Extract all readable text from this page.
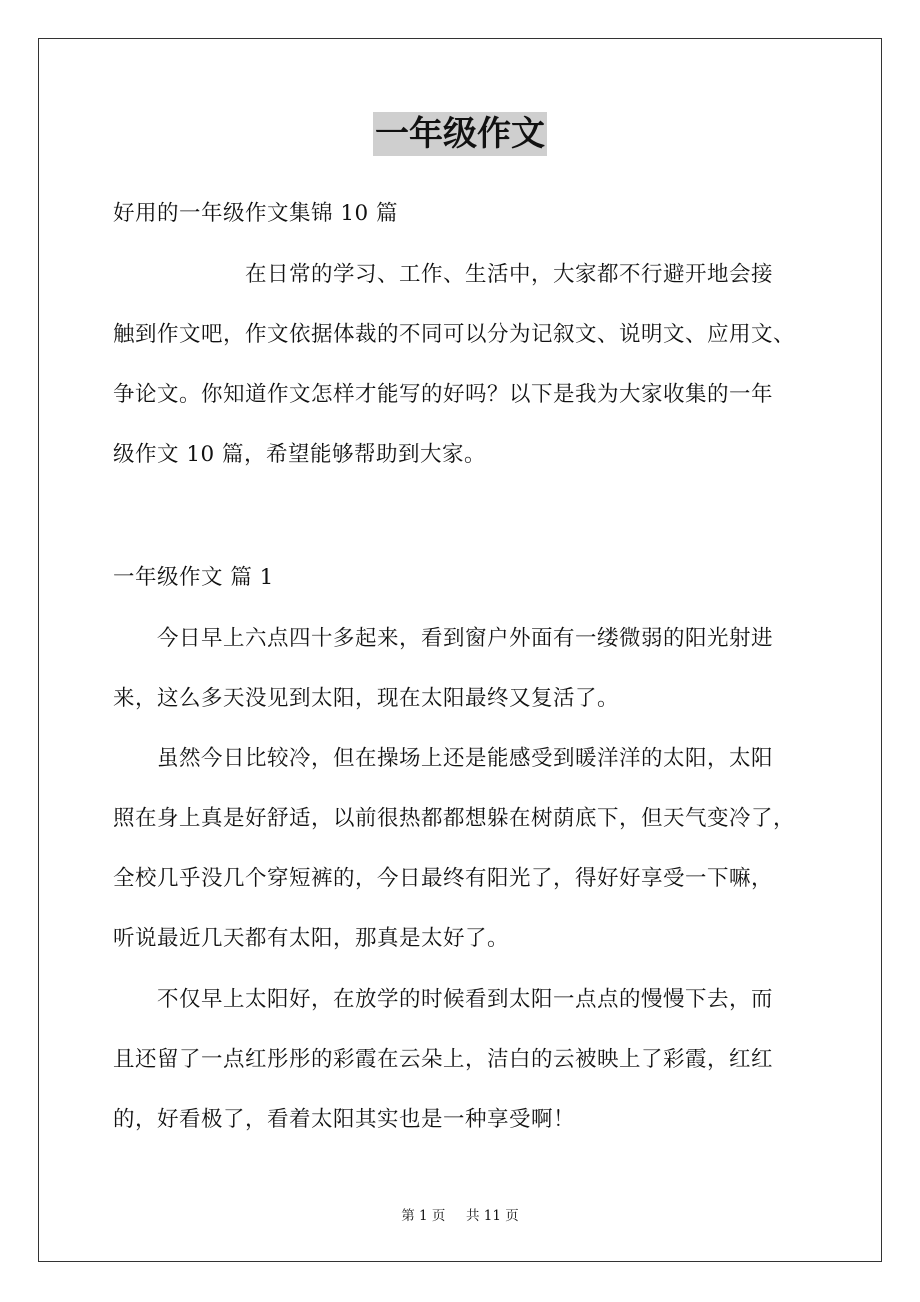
一年级作文

好用的一年级作文集锦 10 篇

　　　　　　在日常的学习、工作、生活中，大家都不行避开地会接
触到作文吧，作文依据体裁的不同可以分为记叙文、说明文、应用文、
争论文。你知道作文怎样才能写的好吗？以下是我为大家收集的一年
级作文 10 篇，希望能够帮助到大家。

一年级作文 篇 1

　　今日早上六点四十多起来，看到窗户外面有一缕微弱的阳光射进
来，这么多天没见到太阳，现在太阳最终又复活了。
　　虽然今日比较冷，但在操场上还是能感受到暖洋洋的太阳，太阳
照在身上真是好舒适，以前很热都都想躲在树荫底下，但天气变冷了，
全校几乎没几个穿短裤的，今日最终有阳光了，得好好享受一下嘛，
听说最近几天都有太阳，那真是太好了。
　　不仅早上太阳好，在放学的时候看到太阳一点点的慢慢下去，而
且还留了一点红彤彤的彩霞在云朵上，洁白的云被映上了彩霞，红红
的，好看极了，看着太阳其实也是一种享受啊！
第 1 页 共 11 页
